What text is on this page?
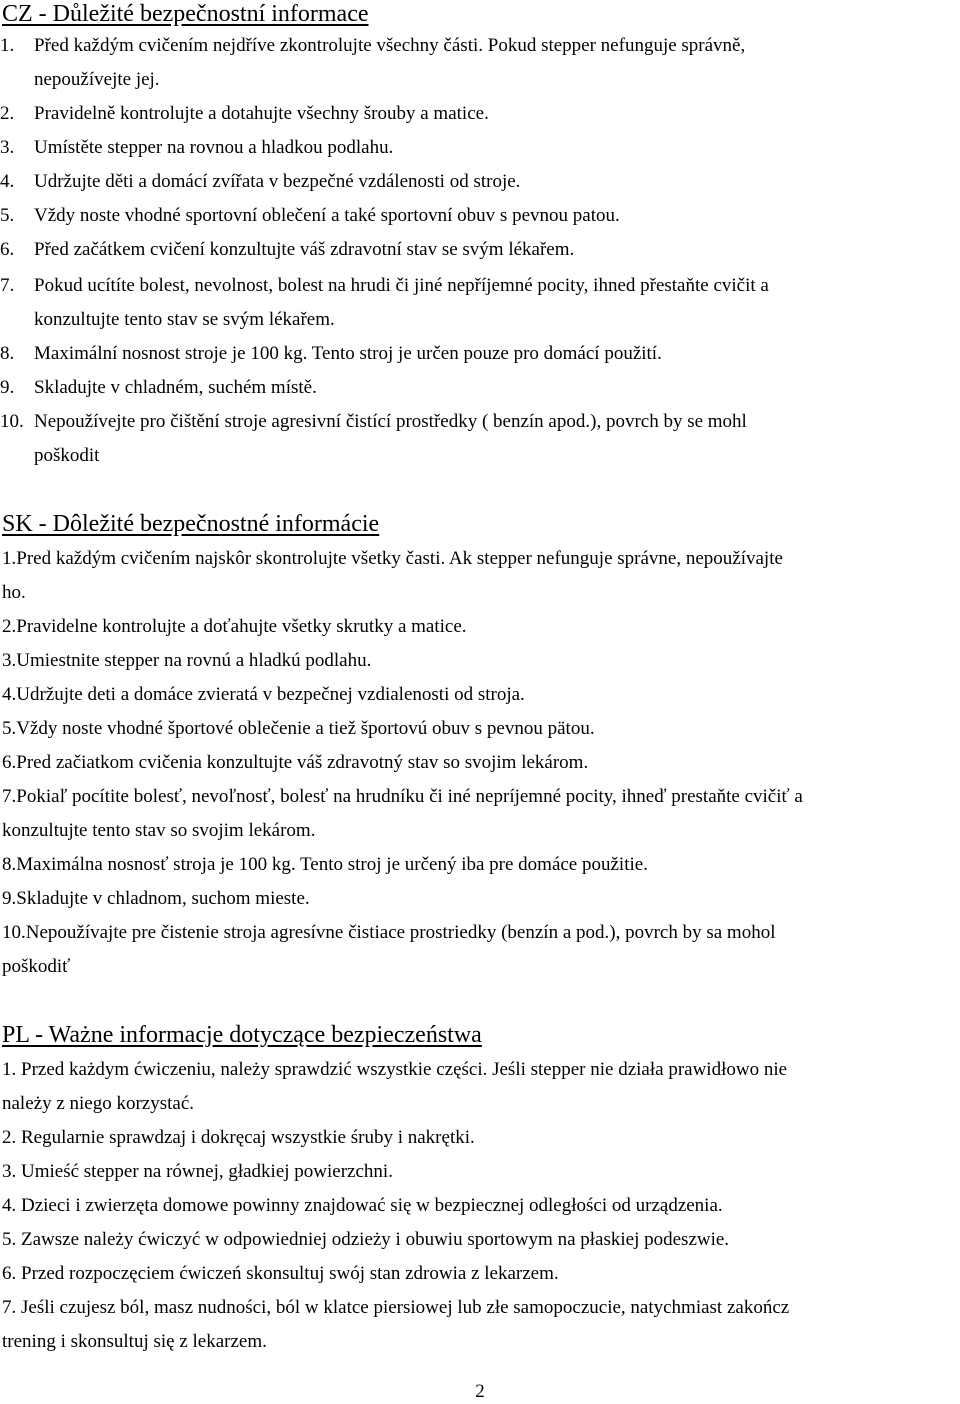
CZ - Důležité bezpečnostní informace
1. Před každým cvičením nejdříve zkontrolujte všechny části. Pokud stepper nefunguje správně,
nepoužívejte jej.
2. Pravidelně kontrolujte a dotahujte všechny šrouby a matice.
3. Umístěte stepper na rovnou a hladkou podlahu.
4. Udržujte děti a domácí zvířata v bezpečné vzdálenosti od stroje.
5. Vždy noste vhodné sportovní oblečení a také sportovní obuv s pevnou patou.
6. Před začátkem cvičení konzultujte váš zdravotní stav se svým lékařem.
7. Pokud ucítíte bolest, nevolnost, bolest na hrudi či jiné nepříjemné pocity, ihned přestaňte cvičit a
konzultujte tento stav se svým lékařem.
8. Maximální nosnost stroje je 100 kg. Tento stroj je určen pouze pro domácí použití.
9. Skladujte v chladném, suchém místě.
10. Nepoužívejte pro čištění stroje agresivní čistící prostředky ( benzín apod.), povrch by se mohl
poškodit
SK - Dôležité bezpečnostné informácie
1.Pred každým cvičením najskôr skontrolujte všetky časti. Ak stepper nefunguje správne, nepoužívajte
ho.
2.Pravidelne kontrolujte a doťahujte všetky skrutky a matice.
3.Umiestnite stepper na rovnú a hladkú podlahu.
4.Udržujte deti a domáce zvieratá v bezpečnej vzdialenosti od stroja.
5.Vždy noste vhodné športové oblečenie a tiež športovú obuv s pevnou pätou.
6.Pred začiatkom cvičenia konzultujte váš zdravotný stav so svojim lekárom.
7.Pokiaľ pocítite bolesť, nevoľnosť, bolesť na hrudníku či iné nepríjemné pocity, ihneď prestaňte cvičiť a
konzultujte tento stav so svojim lekárom.
8.Maximálna nosnosť stroja je 100 kg. Tento stroj je určený iba pre domáce použitie.
9.Skladujte v chladnom, suchom mieste.
10.Nepoužívajte pre čistenie stroja agresívne čistiace prostriedky (benzín a pod.), povrch by sa mohol
poškodiť
PL - Ważne informacje dotyczące bezpieczeństwa
1. Przed każdym ćwiczeniu, należy sprawdzić wszystkie części. Jeśli stepper nie działa prawidłowo nie
należy z niego korzystać.
2. Regularnie sprawdzaj i dokręcaj wszystkie śruby i nakrętki.
3. Umieść stepper na równej, gładkiej powierzchni.
4. Dzieci i zwierzęta domowe powinny znajdować się w bezpiecznej odległości od urządzenia.
5. Zawsze należy ćwiczyć w odpowiedniej odzieży i obuwiu sportowym na płaskiej podeszwie.
6. Przed rozpoczęciem ćwiczeń skonsultuj swój stan zdrowia z lekarzem.
7. Jeśli czujesz ból, masz nudności, ból w klatce piersiowej lub złe samopoczucie, natychmiast zakończ
trening i skonsultuj się z lekarzem.
2
